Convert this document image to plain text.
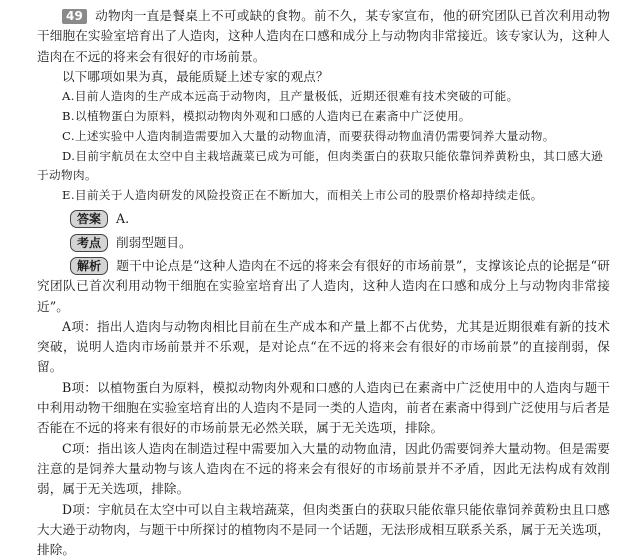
49 动物肉一直是餐桌上不可或缺的食物。前不久，某专家宣布，他的研究团队已首次利用动物干细胞在实验室培育出了人造肉，这种人造肉在口感和成分上与动物肉非常接近。该专家认为，这种人造肉在不远的将来会有很好的市场前景。

以下哪项如果为真，最能质疑上述专家的观点？

A.目前人造肉的生产成本远高于动物肉，且产量极低，近期还很难有技术突破的可能。

B.以植物蛋白为原料，模拟动物肉外观和口感的人造肉已在素斋中广泛使用。

C.上述实验中人造肉制造需要加入大量的动物血清，而要获得动物血清仍需要饲养大量动物。

D.目前宇航员在太空中自主栽培蔬菜已成为可能，但肉类蛋白的获取只能依靠饲养黄粉虫，其口感大逊于动物肉。

E.目前关于人造肉研发的风险投资正在不断加大，而相关上市公司的股票价格却持续走低。

答案 A.
考点 削弱型题目。

解析 题干中论点是“这种人造肉在不远的将来会有很好的市场前景”，支撑该论点的论据是“研究团队已首次利用动物干细胞在实验室培育出了人造肉，这种人造肉在口感和成分上与动物肉非常接近”。

A项：指出人造肉与动物肉相比目前在生产成本和产量上都不占优势，尤其是近期很难有新的技术突破，说明人造肉市场前景并不乐观，是对论点“在不远的将来会有很好的市场前景”的直接削弱，保留。

B项：以植物蛋白为原料，模拟动物肉外观和口感的人造肉已在素斋中广泛使用中的人造肉与题干中利用动物干细胞在实验室培育出的人造肉不是同一类的人造肉，前者在素斋中得到广泛使用与后者是否能在不远的将来有很好的市场前景无必然关联，属于无关选项，排除。

C项：指出该人造肉在制造过程中需要加入大量的动物血清，因此仍需要饲养大量动物。但是需要注意的是饲养大量动物与该人造肉在不远的将来会有很好的市场前景并不矛盾，因此无法构成有效削弱，属于无关选项，排除。

D项：宇航员在太空中可以自主栽培蔬菜，但肉类蛋白的获取只能依靠只能依靠饲养黄粉虫且口感大大逊于动物肉，与题干中所探讨的植物肉不是同一个话题，无法形成相互联系关系，属于无关选项，排除。
